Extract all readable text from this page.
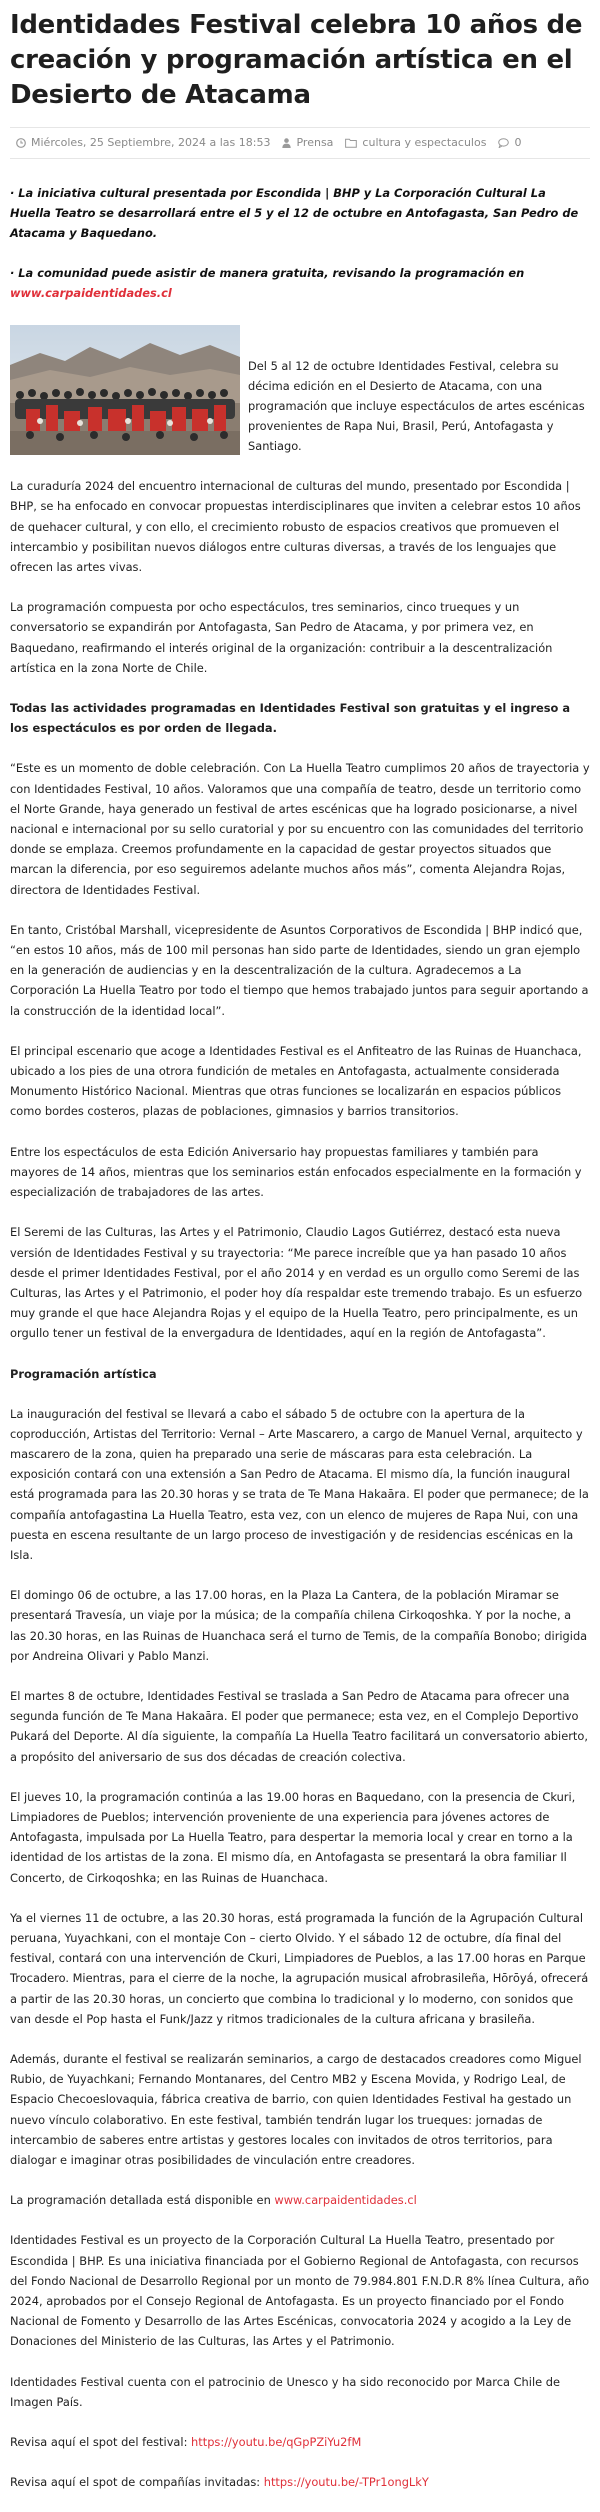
Identidades Festival celebra 10 años de creación y programación artística en el Desierto de Atacama
Miércoles, 25 Septiembre, 2024 a las 18:53 Prensa	cultura y espectaculos	0

· La iniciativa cultural presentada por Escondida | BHP y La Corporación Cultural La Huella Teatro se desarrollará entre el 5 y el 12 de octubre en Antofagasta, San Pedro de Atacama y Baquedano.

· La comunidad puede asistir de manera gratuita, revisando la programación en www.carpaidentidades.cl

Del 5 al 12 de octubre Identidades Festival, celebra su décima edición en el Desierto de Atacama, con una programación que incluye espectáculos de artes escénicas provenientes de Rapa Nui, Brasil, Perú, Antofagasta y Santiago.

La curaduría 2024 del encuentro internacional de culturas del mundo, presentado por Escondida | BHP, se ha enfocado en convocar propuestas interdisciplinares que inviten a celebrar estos 10 años de quehacer cultural, y con ello, el crecimiento robusto de espacios creativos que promueven el intercambio y posibilitan nuevos diálogos entre culturas diversas, a través de los lenguajes que ofrecen las artes vivas.

La programación compuesta por ocho espectáculos, tres seminarios, cinco trueques y un conversatorio se expandirán por Antofagasta, San Pedro de Atacama, y por primera vez, en Baquedano, reafirmando el interés original de la organización: contribuir a la descentralización artística en la zona Norte de Chile.

Todas las actividades programadas en Identidades Festival son gratuitas y el ingreso a los espectáculos es por orden de llegada.

“Este es un momento de doble celebración. Con La Huella Teatro cumplimos 20 años de trayectoria y con Identidades Festival, 10 años. Valoramos que una compañía de teatro, desde un territorio como el Norte Grande, haya generado un festival de artes escénicas que ha logrado posicionarse, a nivel nacional e internacional por su sello curatorial y por su encuentro con las comunidades del territorio donde se emplaza. Creemos profundamente en la capacidad de gestar proyectos situados que marcan la diferencia, por eso seguiremos adelante muchos años más”, comenta Alejandra Rojas, directora de Identidades Festival.

En tanto, Cristóbal Marshall, vicepresidente de Asuntos Corporativos de Escondida | BHP indicó que, “en estos 10 años, más de 100 mil personas han sido parte de Identidades, siendo un gran ejemplo en la generación de audiencias y en la descentralización de la cultura. Agradecemos a La Corporación La Huella Teatro por todo el tiempo que hemos trabajado juntos para seguir aportando a la construcción de la identidad local”.

El principal escenario que acoge a Identidades Festival es el Anfiteatro de las Ruinas de Huanchaca, ubicado a los pies de una otrora fundición de metales en Antofagasta, actualmente considerada Monumento Histórico Nacional. Mientras que otras funciones se localizarán en espacios públicos como bordes costeros, plazas de poblaciones, gimnasios y barrios transitorios.

Entre los espectáculos de esta Edición Aniversario hay propuestas familiares y también para mayores de 14 años, mientras que los seminarios están enfocados especialmente en la formación y especialización de trabajadores de las artes.

El Seremi de las Culturas, las Artes y el Patrimonio, Claudio Lagos Gutiérrez, destacó esta nueva versión de Identidades Festival y su trayectoria: “Me parece increíble que ya han pasado 10 años desde el primer Identidades Festival, por el año 2014 y en verdad es un orgullo como Seremi de las Culturas, las Artes y el Patrimonio, el poder hoy día respaldar este tremendo trabajo. Es un esfuerzo muy grande el que hace Alejandra Rojas y el equipo de la Huella Teatro, pero principalmente, es un orgullo tener un festival de la envergadura de Identidades, aquí en la región de Antofagasta”.

Programación artística

La inauguración del festival se llevará a cabo el sábado 5 de octubre con la apertura de la coproducción, Artistas del Territorio: Vernal – Arte Mascarero, a cargo de Manuel Vernal, arquitecto y mascarero de la zona, quien ha preparado una serie de máscaras para esta celebración. La exposición contará con una extensión a San Pedro de Atacama. El mismo día, la función inaugural está programada para las 20.30 horas y se trata de Te Mana Hakaāra. El poder que permanece; de la compañía antofagastina La Huella Teatro, esta vez, con un elenco de mujeres de Rapa Nui, con una puesta en escena resultante de un largo proceso de investigación y de residencias escénicas en la Isla.

El domingo 06 de octubre, a las 17.00 horas, en la Plaza La Cantera, de la población Miramar se presentará Travesía, un viaje por la música; de la compañía chilena Cirkoqoshka. Y por la noche, a las 20.30 horas, en las Ruinas de Huanchaca será el turno de Temis, de la compañía Bonobo; dirigida por Andreina Olivari y Pablo Manzi.

El martes 8 de octubre, Identidades Festival se traslada a San Pedro de Atacama para ofrecer una segunda función de Te Mana Hakaāra. El poder que permanece; esta vez, en el Complejo Deportivo Pukará del Deporte. Al día siguiente, la compañía La Huella Teatro facilitará un conversatorio abierto, a propósito del aniversario de sus dos décadas de creación colectiva.

El jueves 10, la programación continúa a las 19.00 horas en Baquedano, con la presencia de Ckuri, Limpiadores de Pueblos; intervención proveniente de una experiencia para jóvenes actores de Antofagasta, impulsada por La Huella Teatro, para despertar la memoria local y crear en torno a la identidad de los artistas de la zona. El mismo día, en Antofagasta se presentará la obra familiar Il Concerto, de Cirkoqoshka; en las Ruinas de Huanchaca.

Ya el viernes 11 de octubre, a las 20.30 horas, está programada la función de la Agrupación Cultural peruana, Yuyachkani, con el montaje Con – cierto Olvido. Y el sábado 12 de octubre, día final del festival, contará con una intervención de Ckuri, Limpiadores de Pueblos, a las 17.00 horas en Parque Trocadero. Mientras, para el cierre de la noche, la agrupación musical afrobrasileña, Hōrōyá, ofrecerá a partir de las 20.30 horas, un concierto que combina lo tradicional y lo moderno, con sonidos que van desde el Pop hasta el Funk/Jazz y ritmos tradicionales de la cultura africana y brasileña.

Además, durante el festival se realizarán seminarios, a cargo de destacados creadores como Miguel Rubio, de Yuyachkani; Fernando Montanares, del Centro MB2 y Escena Movida, y Rodrigo Leal, de Espacio Checoeslovaquia, fábrica creativa de barrio, con quien Identidades Festival ha gestado un nuevo vínculo colaborativo. En este festival, también tendrán lugar los trueques: jornadas de intercambio de saberes entre artistas y gestores locales con invitados de otros territorios, para dialogar e imaginar otras posibilidades de vinculación entre creadores.

La programación detallada está disponible en www.carpaidentidades.cl

Identidades Festival es un proyecto de la Corporación Cultural La Huella Teatro, presentado por Escondida | BHP. Es una iniciativa financiada por el Gobierno Regional de Antofagasta, con recursos del Fondo Nacional de Desarrollo Regional por un monto de 79.984.801 F.N.D.R 8% línea Cultura, año 2024, aprobados por el Consejo Regional de Antofagasta. Es un proyecto financiado por el Fondo Nacional de Fomento y Desarrollo de las Artes Escénicas, convocatoria 2024 y acogido a la Ley de Donaciones del Ministerio de las Culturas, las Artes y el Patrimonio.

Identidades Festival cuenta con el patrocinio de Unesco y ha sido reconocido por Marca Chile de Imagen País.

Revisa aquí el spot del festival: https://youtu.be/qGpPZiYu2fM

Revisa aquí el spot de compañías invitadas: https://youtu.be/-TPr1ongLkY
